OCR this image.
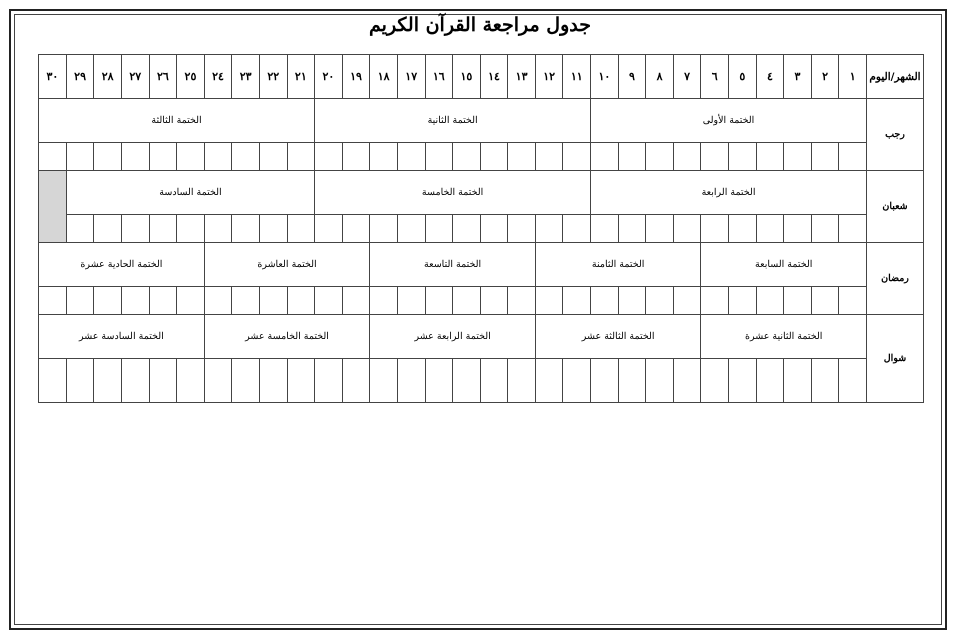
جدول مراجعة القرآن الكريم
الشهر/اليوم	١	٢	٣	٤	٥	٦	٧	٨	٩	١٠	١١	١٢	١٣	١٤	١٥	١٦	١٧	١٨	١٩	٢٠	٢١	٢٢	٢٣	٢٤	٢٥	٢٦	٢٧	٢٨	٢٩	٣٠
رجب	الختمة الأولى										الختمة الثانية										الختمة الثالثة									

شعبان	الختمة الرابعة										الختمة الخامسة										الختمة السادسة									

رمضان	الختمة السابعة						الختمة الثامنة						الختمة التاسعة						الختمة العاشرة						الختمة الحادية عشرة					

شوال	الختمة الثانية عشرة						الختمة الثالثة عشر						الختمة الرابعة عشر						الختمة الخامسة عشر						الختمة السادسة عشر					
